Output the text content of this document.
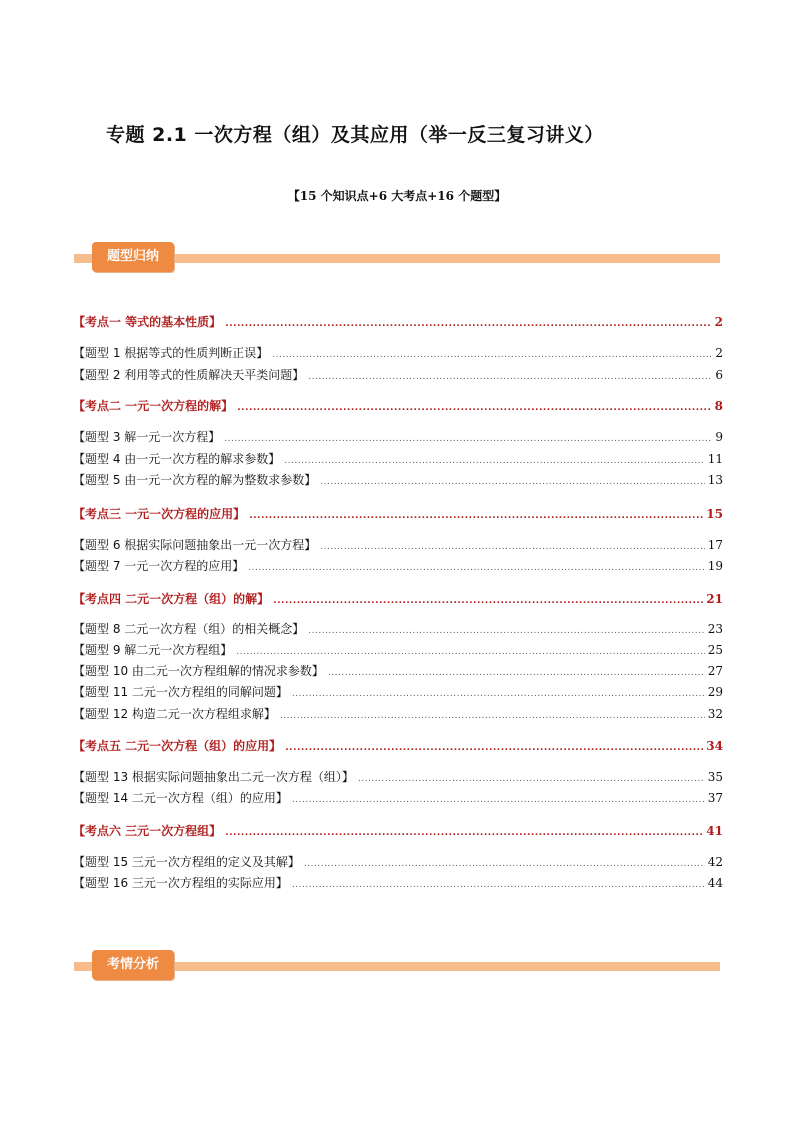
专题 2.1 一次方程（组）及其应用（举一反三复习讲义）
【15 个知识点+6 大考点+16 个题型】
题型归纳
【考点一 等式的基本性质】 .....	2
【题型 1 根据等式的性质判断正误】 .....	2
【题型 2 利用等式的性质解决天平类问题】 .....	6
【考点二 一元一次方程的解】 .....	8
【题型 3 解一元一次方程】 .....	9
【题型 4 由一元一次方程的解求参数】 .....	11
【题型 5 由一元一次方程的解为整数求参数】 .....	13
【考点三 一元一次方程的应用】 .....	15
【题型 6 根据实际问题抽象出一元一次方程】 .....	17
【题型 7 一元一次方程的应用】 .....	19
【考点四 二元一次方程（组）的解】 .....	21
【题型 8 二元一次方程（组）的相关概念】 .....	23
【题型 9 解二元一次方程组】 .....	25
【题型 10 由二元一次方程组解的情况求参数】 .....	27
【题型 11 二元一次方程组的同解问题】 .....	29
【题型 12 构造二元一次方程组求解】 .....	32
【考点五 二元一次方程（组）的应用】 .....	34
【题型 13 根据实际问题抽象出二元一次方程（组）】 .....	35
【题型 14 二元一次方程（组）的应用】 .....	37
【考点六 三元一次方程组】 .....	41
【题型 15 三元一次方程组的定义及其解】 .....	42
【题型 16 三元一次方程组的实际应用】 .....	44
考情分析
